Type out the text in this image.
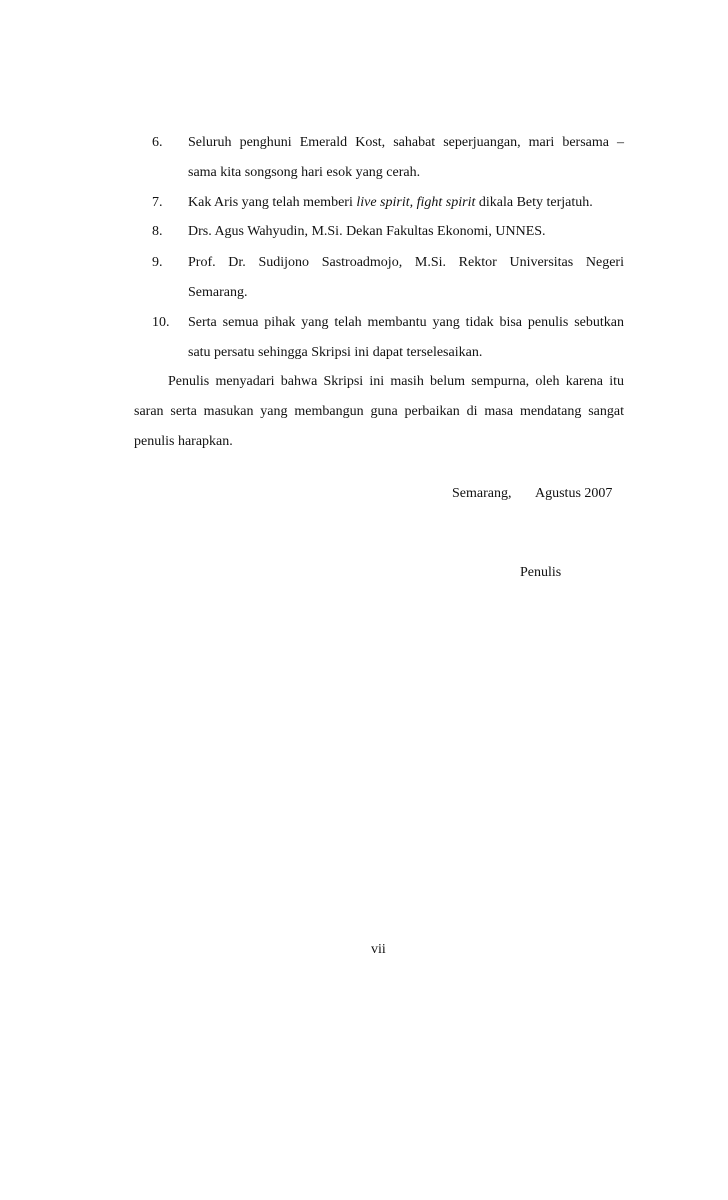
6. Seluruh penghuni Emerald Kost, sahabat seperjuangan, mari bersama –
sama kita songsong hari esok yang cerah.
7. Kak Aris yang telah memberi live spirit, fight spirit dikala Bety terjatuh.
8. Drs. Agus Wahyudin, M.Si. Dekan Fakultas Ekonomi, UNNES.
9. Prof. Dr. Sudijono Sastroadmojo, M.Si. Rektor Universitas Negeri
Semarang.
10. Serta semua pihak yang telah membantu yang tidak bisa penulis sebutkan
satu persatu sehingga Skripsi ini dapat terselesaikan.
Penulis menyadari bahwa Skripsi ini masih belum sempurna, oleh karena itu
saran serta masukan yang membangun guna perbaikan di masa mendatang sangat
penulis harapkan.
Semarang, Agustus 2007
Penulis
vii
